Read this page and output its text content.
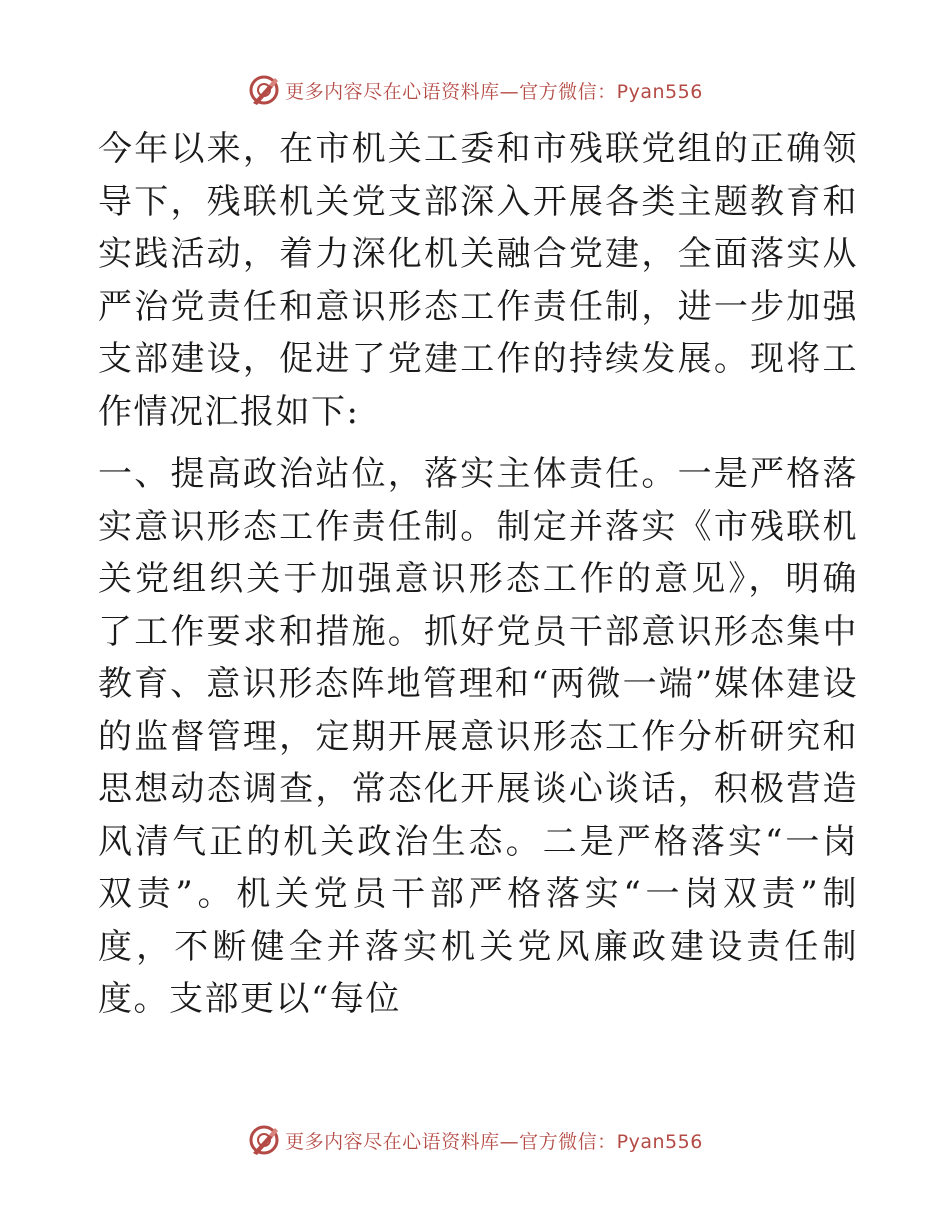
更多内容尽在心语资料库—官方微信：Pyan556

今年以来，在市机关工委和市残联党组的正确领导下，残联机关党支部深入开展各类主题教育和实践活动，着力深化机关融合党建，全面落实从严治党责任和意识形态工作责任制，进一步加强支部建设，促进了党建工作的持续发展。现将工作情况汇报如下:

一、提高政治站位，落实主体责任。一是严格落实意识形态工作责任制。制定并落实《市残联机关党组织关于加强意识形态工作的意见》，明确了工作要求和措施。抓好党员干部意识形态集中教育、意识形态阵地管理和“两微一端”媒体建设的监督管理，定期开展意识形态工作分析研究和思想动态调查，常态化开展谈心谈话，积极营造风清气正的机关政治生态。二是严格落实“一岗双责”。机关党员干部严格落实“一岗双责”制度，不断健全并落实机关党风廉政建设责任制度。支部更以“每位

更多内容尽在心语资料库—官方微信：Pyan556
